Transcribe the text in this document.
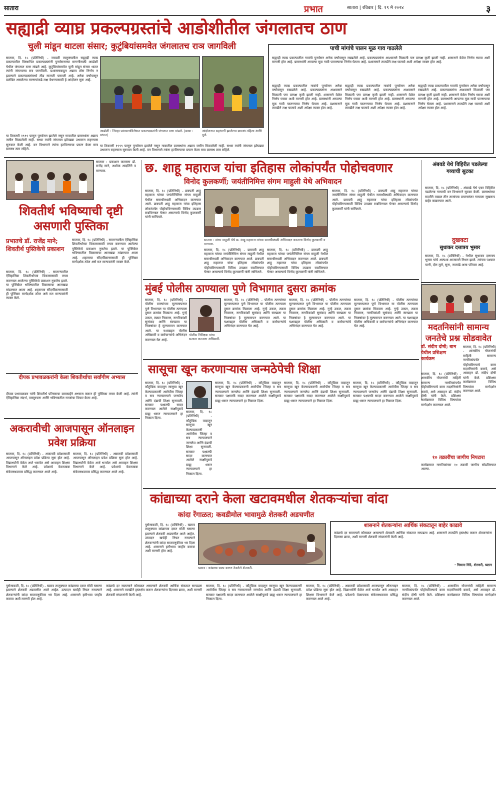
सातारा	प्रभात	सातारा | रविवार | दि. १९ मे २०२४	३
सह्याद्री व्याघ्र प्रकल्पग्रस्तांचे आडोशीतील जंगलातच ठाण
चुली मांडून थाटला संसार; कुटुंबियांसमवेत जंगलातच राञ जागविली
सातारा, दि. १८ (प्रतिनिधी) - जावळी तालुक्यातील सह्याद्री व्याघ्र प्रकल्पातील विस्थापित प्रकल्पग्रस्तांनी पुनर्वसनाच्या मागणीसाठी आडोशी येथील जंगलात ठाण मांडले आहे. कुटुंबियांसमवेत चुली मांडून संसार थाटत त्यांनी जंगलातच रात्र जागविली. प्रशासनाकडून अद्याप ठोस निर्णय न झाल्याने प्रकल्पग्रस्तांमध्ये तीव्र नाराजी पसरली आहे. अनेक वर्षांपासून प्रलंबित असलेल्या मागण्यांकडे लक्ष वेधण्यासाठी हे आंदोलन सुरू आहे.
आडोशी : जिल्हा प्रशासनाविरोधात प्रकल्पग्रस्तांनी जंगलात ठाण मांडले. (छाया : प्रभात)
आंदोलनात सहभागी झालेल्या ग्रामस्थ महिला आणि मुले.
या ठिकाणी १९९९ पासून पुनर्वसन झालेले नसून गावातील ग्रामस्थांना अद्याप जमीन मिळालेली नाही. सध्या त्यांनी जंगलात झोपड्या उभारून राहण्यास सुरुवात केली आहे. वन विभागाने त्यांना हटविण्याचा प्रयत्न केला मात्र ग्रामस्थ ठाम राहिले.
या ठिकाणी १९९९ पासून पुनर्वसन झालेले नसून गावातील ग्रामस्थांना अद्याप जमीन मिळालेली नाही. सध्या त्यांनी जंगलात झोपड्या उभारून राहण्यास सुरुवात केली आहे. वन विभागाने त्यांना हटविण्याचा प्रयत्न केला मात्र ग्रामस्थ ठाम राहिले.
पाची मांगांचे पालन मूळ गाव गाठलेले
सह्याद्री व्याघ्र प्रकल्पातील गावांचे पुनर्वसन अनेक वर्षांपासून रखडलेले आहे. प्रकल्पग्रस्तांना आश्वासने मिळाली पण प्रत्यक्ष कृती झाली नाही. शासनाने वेळेत निर्णय घ्यावा अशी मागणी होत आहे. ग्रामस्थांनी आपल्या मूळ गावी परतण्याचा निर्णय घेतला आहे. प्रशासनाने तातडीने लक्ष घालावे अशी अपेक्षा व्यक्त होत आहे.
सह्याद्री व्याघ्र प्रकल्पातील गावांचे पुनर्वसन अनेक वर्षांपासून रखडलेले आहे. प्रकल्पग्रस्तांना आश्वासने मिळाली पण प्रत्यक्ष कृती झाली नाही. शासनाने वेळेत निर्णय घ्यावा अशी मागणी होत आहे. ग्रामस्थांनी आपल्या मूळ गावी परतण्याचा निर्णय घेतला आहे. प्रशासनाने तातडीने लक्ष घालावे अशी अपेक्षा व्यक्त होत आहे.
सह्याद्री व्याघ्र प्रकल्पातील गावांचे पुनर्वसन अनेक वर्षांपासून रखडलेले आहे. प्रकल्पग्रस्तांना आश्वासने मिळाली पण प्रत्यक्ष कृती झाली नाही. शासनाने वेळेत निर्णय घ्यावा अशी मागणी होत आहे. ग्रामस्थांनी आपल्या मूळ गावी परतण्याचा निर्णय घेतला आहे. प्रशासनाने तातडीने लक्ष घालावे अशी अपेक्षा व्यक्त होत आहे.
सह्याद्री व्याघ्र प्रकल्पातील गावांचे पुनर्वसन अनेक वर्षांपासून रखडलेले आहे. प्रकल्पग्रस्तांना आश्वासने मिळाली पण प्रत्यक्ष कृती झाली नाही. शासनाने वेळेत निर्णय घ्यावा अशी मागणी होत आहे. ग्रामस्थांनी आपल्या मूळ गावी परतण्याचा निर्णय घेतला आहे. प्रशासनाने तातडीने लक्ष घालावे अशी अपेक्षा व्यक्त होत आहे.
सातारा : प्रकाशन करताना डॉ. राजेंद्र माने, अशोक आदलिंगे व मान्यवर.
शिवतीर्थ भविष्याची दृष्टी असणारी पुस्तिका
प्रभातचे डॉ. राजेंद्र माने; शिवतीर्थ पुस्तिकेचे प्रकाशन
सातारा, दि. १८ (प्रतिनिधी) - साताऱ्यातील ऐतिहासिक शिवतीर्थाच्या विकासासाठी तयार करण्यात आलेल्या पुस्तिकेचे प्रकाशन नुकतेच झाले. या पुस्तिकेत भविष्यातील विकासाचा आराखडा मांडण्यात आला आहे. शहराच्या सौंदर्यीकरणासाठी ही पुस्तिका मार्गदर्शक ठरेल असे मत मान्यवरांनी व्यक्त केले.
सातारा, दि. १८ (प्रतिनिधी) - साताऱ्यातील ऐतिहासिक शिवतीर्थाच्या विकासासाठी तयार करण्यात आलेल्या पुस्तिकेचे प्रकाशन नुकतेच झाले. या पुस्तिकेत भविष्यातील विकासाचा आराखडा मांडण्यात आला आहे. शहराच्या सौंदर्यीकरणासाठी ही पुस्तिका मार्गदर्शक ठरेल असे मत मान्यवरांनी व्यक्त केले.
दीपक प्रभावळकरांनी केला शिवतीर्थाचा सर्वांगीण अभ्यास
दीपक प्रभावळकर यांनी शिवतीर्थ परिसराचा बारकाईने अभ्यास करून ही पुस्तिका तयार केली आहे. त्यांनी ऐतिहासिक संदर्भ, वास्तुरचना आणि भविष्यातील गरजांचा विचार केला आहे.
छ. शाहू महाराज यांचा इतिहास लोकांपर्यंत पोहोचवणार
विनोद कुलकर्णी; जयंतीनिमित्त संगम माहुली येथे अभिवादन
सातारा, दि. १८ (प्रतिनिधी) - छत्रपती शाहू महाराज यांच्या जयंतीनिमित्त संगम माहुली येथील समाधीस्थळी अभिवादन करण्यात आले. छत्रपती शाहू महाराज यांचा इतिहास लोकांपर्यंत पोहोचविण्यासाठी विविध उपक्रम राबविण्यात येणार असल्याचे विनोद कुलकर्णी यांनी सांगितले.
सातारा : संगम माहुली येथे छ. शाहू महाराज यांच्या समाधीस्थळी अभिवादन करताना विनोद कुलकर्णी व मान्यवर.
सातारा, दि. १८ (प्रतिनिधी) - छत्रपती शाहू महाराज यांच्या जयंतीनिमित्त संगम माहुली येथील समाधीस्थळी अभिवादन करण्यात आले. छत्रपती शाहू महाराज यांचा इतिहास लोकांपर्यंत पोहोचविण्यासाठी विविध उपक्रम राबविण्यात येणार असल्याचे विनोद कुलकर्णी यांनी सांगितले.
सातारा, दि. १८ (प्रतिनिधी) - छत्रपती शाहू महाराज यांच्या जयंतीनिमित्त संगम माहुली येथील समाधीस्थळी अभिवादन करण्यात आले. छत्रपती शाहू महाराज यांचा इतिहास लोकांपर्यंत पोहोचविण्यासाठी विविध उपक्रम राबविण्यात येणार असल्याचे विनोद कुलकर्णी यांनी सांगितले.
सातारा, दि. १८ (प्रतिनिधी) - छत्रपती शाहू महाराज यांच्या जयंतीनिमित्त संगम माहुली येथील समाधीस्थळी अभिवादन करण्यात आले. छत्रपती शाहू महाराज यांचा इतिहास लोकांपर्यंत पोहोचविण्यासाठी विविध उपक्रम राबविण्यात येणार असल्याचे विनोद कुलकर्णी यांनी सांगितले.
अंबवडे येथे विहिरीत पडलेल्या गव्याची सुटका
सातारा, दि. १८ (प्रतिनिधी) - अंबवडे येथे एका विहिरीत पडलेल्या गव्याची वन विभागाने सुटका केली. ग्रामस्थांच्या मदतीने तब्बल तीन तासांच्या प्रयत्नानंतर गव्याला सुखरूप बाहेर काढण्यात आले.
दुखवटा
सुधाकर दत्तात्रय भुसार
सातारा, दि. १८ (प्रतिनिधी) - येथील सुधाकर दत्तात्रय भुसार यांचे अल्पशा आजाराने निधन झाले. त्यांच्या पश्चात पत्नी, दोन मुले, सुना, नातवंडे असा परिवार आहे.
मुंबई पोलीस ठाण्याला पुणे विभागात दुसरा क्रमांक
सातारा, दि. १८ (प्रतिनिधी) - पोलीस ठाण्यांच्या मूल्यमापनात पुणे विभागात या पोलीस ठाण्याला दुसरा क्रमांक मिळाला आहे. गुन्हे उकल, तक्रार निवारण, नागरिकांशी सुसंवाद आणि स्वच्छता या निकषांवर हे मूल्यमापन करण्यात आले. या यशाबद्दल पोलीस अधिकारी व कर्मचाऱ्यांचे अभिनंदन करण्यात येत आहे.
पोलीस निरीक्षक यांचा सत्कार करताना अधिकारी.
सातारा, दि. १८ (प्रतिनिधी) - पोलीस ठाण्यांच्या मूल्यमापनात पुणे विभागात या पोलीस ठाण्याला दुसरा क्रमांक मिळाला आहे. गुन्हे उकल, तक्रार निवारण, नागरिकांशी सुसंवाद आणि स्वच्छता या निकषांवर हे मूल्यमापन करण्यात आले. या यशाबद्दल पोलीस अधिकारी व कर्मचाऱ्यांचे अभिनंदन करण्यात येत आहे.
सातारा, दि. १८ (प्रतिनिधी) - पोलीस ठाण्यांच्या मूल्यमापनात पुणे विभागात या पोलीस ठाण्याला दुसरा क्रमांक मिळाला आहे. गुन्हे उकल, तक्रार निवारण, नागरिकांशी सुसंवाद आणि स्वच्छता या निकषांवर हे मूल्यमापन करण्यात आले. या यशाबद्दल पोलीस अधिकारी व कर्मचाऱ्यांचे अभिनंदन करण्यात येत आहे.
सातारा, दि. १८ (प्रतिनिधी) - पोलीस ठाण्यांच्या मूल्यमापनात पुणे विभागात या पोलीस ठाण्याला दुसरा क्रमांक मिळाला आहे. गुन्हे उकल, तक्रार निवारण, नागरिकांशी सुसंवाद आणि स्वच्छता या निकषांवर हे मूल्यमापन करण्यात आले. या यशाबद्दल पोलीस अधिकारी व कर्मचाऱ्यांचे अभिनंदन करण्यात येत आहे.
सासूचा खून करणाऱ्यास जन्मठेपेची शिक्षा
सातारा, दि. १८ (प्रतिनिधी) - कौटुंबिक वादातून सासूचा खून केल्याप्रकरणी आरोपीस जिल्हा व सत्र न्यायालयाने जन्मठेप आणि दंडाची शिक्षा सुनावली. सरकार पक्षातर्फे सादर करण्यात आलेले साक्षीपुरावे ग्राह्य धरून न्यायालयाने हा निकाल दिला.
सातारा, दि. १८ (प्रतिनिधी) - कौटुंबिक वादातून सासूचा खून केल्याप्रकरणी आरोपीस जिल्हा व सत्र न्यायालयाने जन्मठेप आणि दंडाची शिक्षा सुनावली. सरकार पक्षातर्फे सादर करण्यात आलेले साक्षीपुरावे ग्राह्य धरून न्यायालयाने हा निकाल दिला.
सातारा, दि. १८ (प्रतिनिधी) - कौटुंबिक वादातून सासूचा खून केल्याप्रकरणी आरोपीस जिल्हा व सत्र न्यायालयाने जन्मठेप आणि दंडाची शिक्षा सुनावली. सरकार पक्षातर्फे सादर करण्यात आलेले साक्षीपुरावे ग्राह्य धरून न्यायालयाने हा निकाल दिला.
सातारा, दि. १८ (प्रतिनिधी) - कौटुंबिक वादातून सासूचा खून केल्याप्रकरणी आरोपीस जिल्हा व सत्र न्यायालयाने जन्मठेप आणि दंडाची शिक्षा सुनावली. सरकार पक्षातर्फे सादर करण्यात आलेले साक्षीपुरावे ग्राह्य धरून न्यायालयाने हा निकाल दिला.
सातारा, दि. १८ (प्रतिनिधी) - कौटुंबिक वादातून सासूचा खून केल्याप्रकरणी आरोपीस जिल्हा व सत्र न्यायालयाने जन्मठेप आणि दंडाची शिक्षा सुनावली. सरकार पक्षातर्फे सादर करण्यात आलेले साक्षीपुरावे ग्राह्य धरून न्यायालयाने हा निकाल दिला.
मदतनिसांनी सामान्य जनतेचे प्रश्न सोडवावेत
डॉ. संदीप दोषी; बाम येथील प्रशिक्षण कार्यक्रम
सातारा, दि. १८ (प्रतिनिधी) - शासकीय योजनांची माहिती सामान्य नागरिकांपर्यंत पोहोचविण्याचे काम मदतनिसांनी करावे, असे आवाहन डॉ. संदीप दोषी यांनी केले. प्रशिक्षण कार्यक्रमात विविध विषयांवर मार्गदर्शन करण्यात आले.
सातारा, दि. १८ (प्रतिनिधी) - शासकीय योजनांची माहिती सामान्य नागरिकांपर्यंत पोहोचविण्याचे काम मदतनिसांनी करावे, असे आवाहन डॉ. संदीप दोषी यांनी केले. प्रशिक्षण कार्यक्रमात विविध विषयांवर मार्गदर्शन करण्यात आले.
१० तक्रारींचा जागीच निपटारा
कार्यक्रमात नागरिकांच्या १० तक्रारी जागीच सोडविण्यात आल्या.
अकरावीची आजपासून ऑनलाइन प्रवेश प्रक्रिया
सातारा, दि. १८ (प्रतिनिधी) - अकरावी प्रवेशासाठी आजपासून ऑनलाइन प्रवेश प्रक्रिया सुरू होत आहे. विद्यार्थ्यांनी वेळेत अर्ज भरावेत असे आवाहन शिक्षण विभागाने केले आहे. प्रवेशाचे वेळापत्रक संकेतस्थळावर प्रसिद्ध करण्यात आले आहे.
सातारा, दि. १८ (प्रतिनिधी) - अकरावी प्रवेशासाठी आजपासून ऑनलाइन प्रवेश प्रक्रिया सुरू होत आहे. विद्यार्थ्यांनी वेळेत अर्ज भरावेत असे आवाहन शिक्षण विभागाने केले आहे. प्रवेशाचे वेळापत्रक संकेतस्थळावर प्रसिद्ध करण्यात आले आहे.
कांद्याच्या दराने केला खटावमधील शेतकऱ्यांचा वांदा
कांदा रेंगाळत; कवडीमोल भावामुळे शेतकरी अडचणीत
पुसेसावळी, दि. १८ (प्रतिनिधी) - खटाव तालुक्यात कांद्याच्या दरात मोठी घसरण झाल्याने शेतकरी अडचणीत आले आहेत. उत्पादन खर्चही निघत नसल्याने शेतकऱ्यांनी कांदा साठवणुकीवर भर दिला आहे. शासनाने हमीभाव जाहीर करावा अशी मागणी होत आहे.
खटाव : कांद्याचा साठा करून ठेवलेले शेतकरी.
शासनाने शेतकऱ्यांना आर्थिक संकटातून बाहेर काढावे
कांद्याचे दर सातत्याने कोसळत असल्याने शेतकरी आर्थिक संकटात सापडला आहे. शासनाने तातडीने हस्तक्षेप करून शेतकऱ्यांना दिलासा द्यावा, अशी मागणी शेतकरी संघटनांनी केली आहे.
- विकास शिंदे, शेतकरी, खटाव
पुसेसावळी, दि. १८ (प्रतिनिधी) - खटाव तालुक्यात कांद्याच्या दरात मोठी घसरण झाल्याने शेतकरी अडचणीत आले आहेत. उत्पादन खर्चही निघत नसल्याने शेतकऱ्यांनी कांदा साठवणुकीवर भर दिला आहे. शासनाने हमीभाव जाहीर करावा अशी मागणी होत आहे.
कांद्याचे दर सातत्याने कोसळत असल्याने शेतकरी आर्थिक संकटात सापडला आहे. शासनाने तातडीने हस्तक्षेप करून शेतकऱ्यांना दिलासा द्यावा, अशी मागणी शेतकरी संघटनांनी केली आहे.
सातारा, दि. १८ (प्रतिनिधी) - कौटुंबिक वादातून सासूचा खून केल्याप्रकरणी आरोपीस जिल्हा व सत्र न्यायालयाने जन्मठेप आणि दंडाची शिक्षा सुनावली. सरकार पक्षातर्फे सादर करण्यात आलेले साक्षीपुरावे ग्राह्य धरून न्यायालयाने हा निकाल दिला.
सातारा, दि. १८ (प्रतिनिधी) - अकरावी प्रवेशासाठी आजपासून ऑनलाइन प्रवेश प्रक्रिया सुरू होत आहे. विद्यार्थ्यांनी वेळेत अर्ज भरावेत असे आवाहन शिक्षण विभागाने केले आहे. प्रवेशाचे वेळापत्रक संकेतस्थळावर प्रसिद्ध करण्यात आले आहे.
सातारा, दि. १८ (प्रतिनिधी) - शासकीय योजनांची माहिती सामान्य नागरिकांपर्यंत पोहोचविण्याचे काम मदतनिसांनी करावे, असे आवाहन डॉ. संदीप दोषी यांनी केले. प्रशिक्षण कार्यक्रमात विविध विषयांवर मार्गदर्शन करण्यात आले.
